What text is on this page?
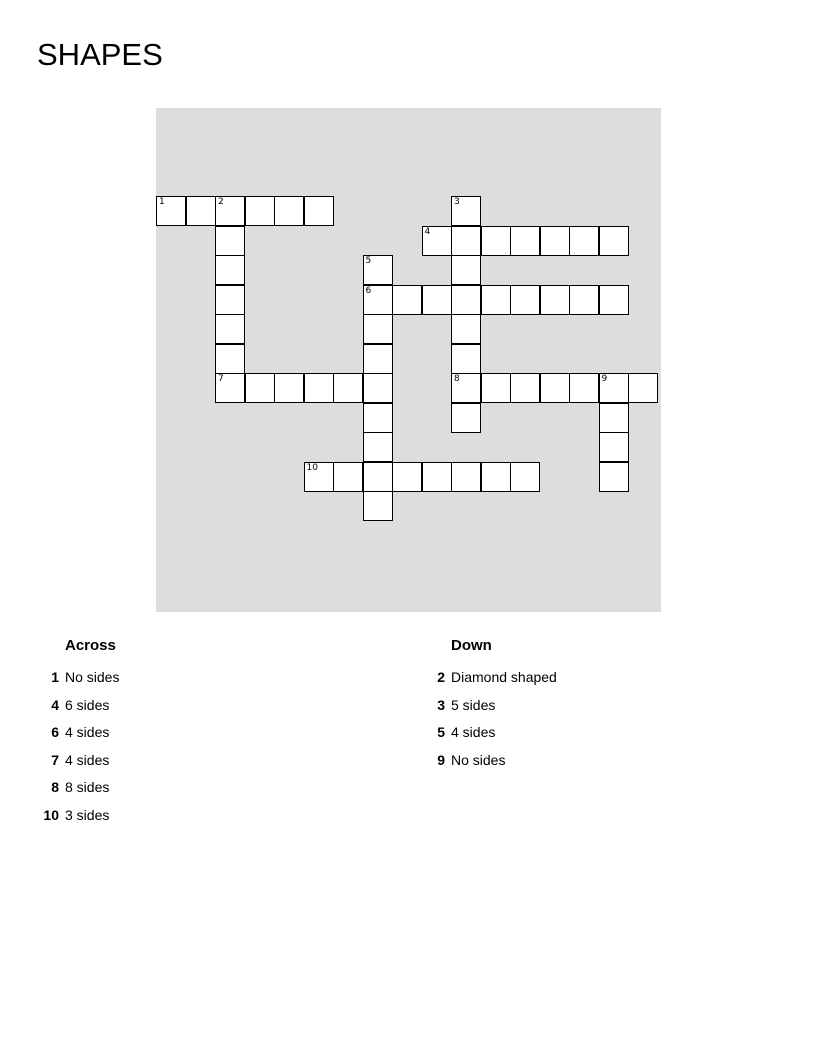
SHAPES
1	2
4
6
7	8	9
10
3
5
Across	Down
1 No sides
4 6 sides
6 4 sides
7 4 sides
8 8 sides
10 3 sides
2 Diamond shaped
3 5 sides
5 4 sides
9 No sides
